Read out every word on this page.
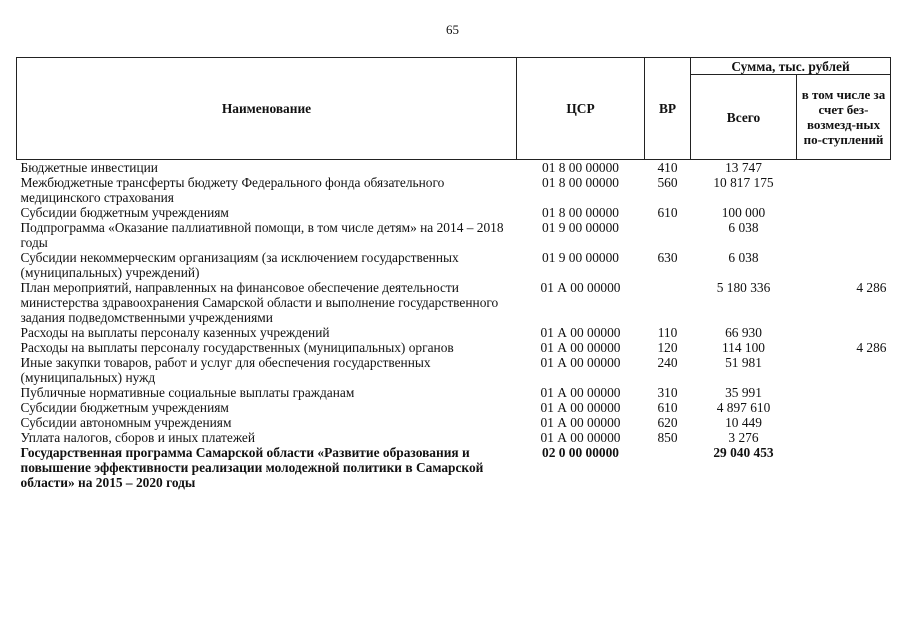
65
Наименование	ЦСР	ВР	Сумма, тыс. рублей	
			Всего	в том числе за счет без-возмезд-ных по-ступлений
Бюджетные инвестиции	01 8 00 00000	410	13 747	
Межбюджетные трансферты бюджету Федерального фонда обязательного медицинского страхования	01 8 00 00000	560	10 817 175	
Субсидии бюджетным учреждениям	01 8 00 00000	610	100 000	
Подпрограмма «Оказание паллиативной помощи, в том числе детям» на 2014 – 2018 годы	01 9 00 00000		6 038	
Субсидии некоммерческим организациям (за исключением государственных (муниципальных) учреждений)	01 9 00 00000	630	6 038	
План мероприятий, направленных на финансовое обеспечение деятельности министерства здравоохранения Самарской области и выполнение государственного задания подведомственными учреждениями	01 А 00 00000		5 180 336	4 286
Расходы на выплаты персоналу казенных учреждений	01 А 00 00000	110	66 930	
Расходы на выплаты персоналу государственных (муниципальных) органов	01 А 00 00000	120	114 100	4 286
Иные закупки товаров, работ и услуг для обеспечения государственных (муниципальных) нужд	01 А 00 00000	240	51 981	
Публичные нормативные социальные выплаты гражданам	01 А 00 00000	310	35 991	
Субсидии бюджетным учреждениям	01 А 00 00000	610	4 897 610	
Субсидии автономным учреждениям	01 А 00 00000	620	10 449	
Уплата налогов, сборов и иных платежей	01 А 00 00000	850	3 276	
Государственная программа Самарской области «Развитие образования и повышение эффективности реализации молодежной политики в Самарской области» на 2015 – 2020 годы	02 0 00 00000		29 040 453	
